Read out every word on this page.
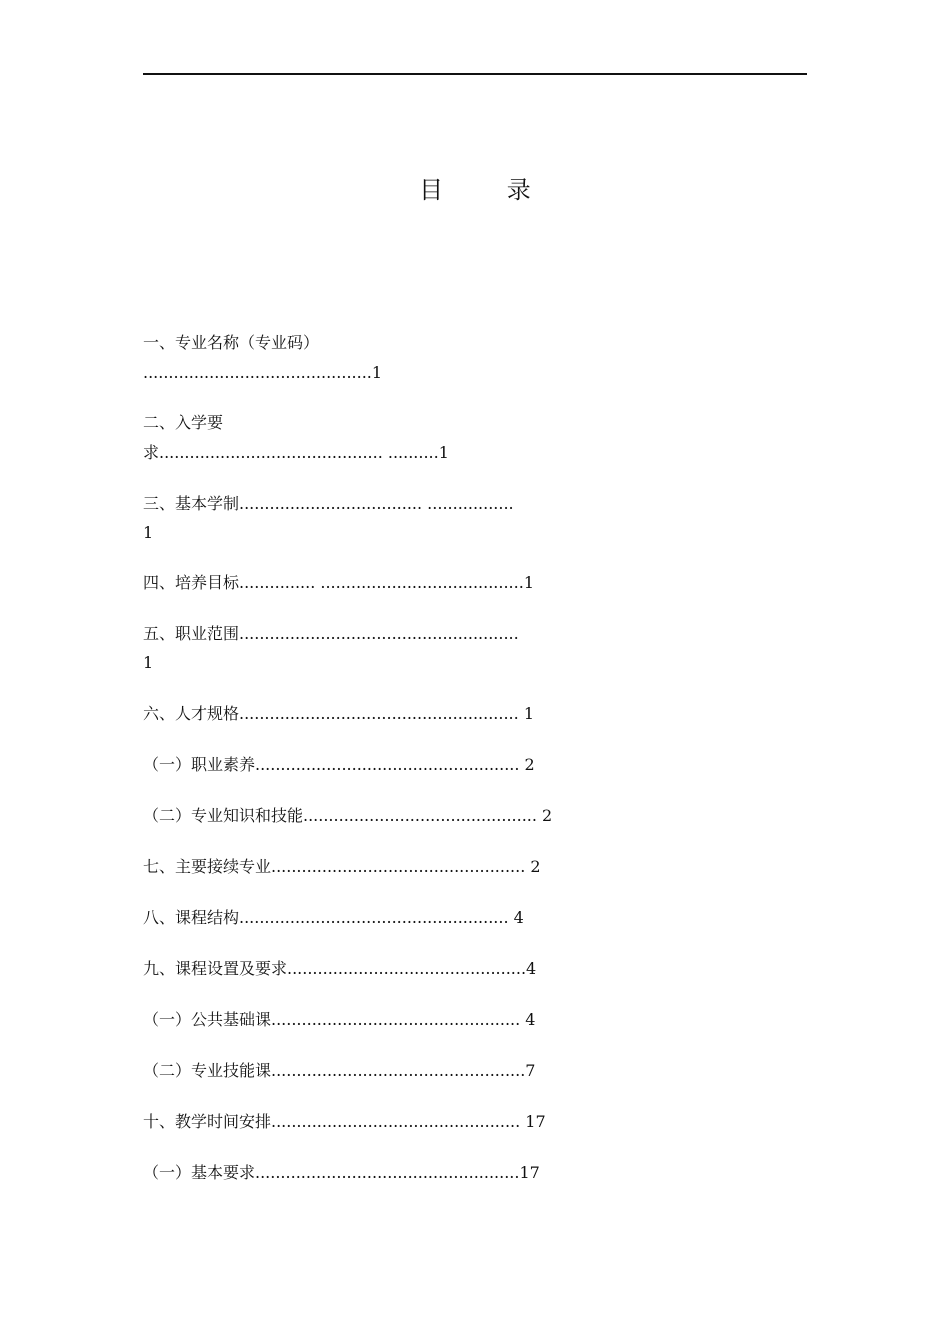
目 录
一、专业名称（专业码）
.............................................1
二、入学要
求............................................ ..........1
三、基本学制.................................... .................
1
四、培养目标............... ........................................1
五、职业范围.......................................................
1
六、人才规格....................................................... 1
（一）职业素养.................................................... 2
（二）专业知识和技能.............................................. 2
七、主要接续专业.................................................. 2
八、课程结构..................................................... 4
九、课程设置及要求...............................................4
（一）公共基础课................................................. 4
（二）专业技能课..................................................7
十、教学时间安排................................................. 17
（一）基本要求....................................................17
